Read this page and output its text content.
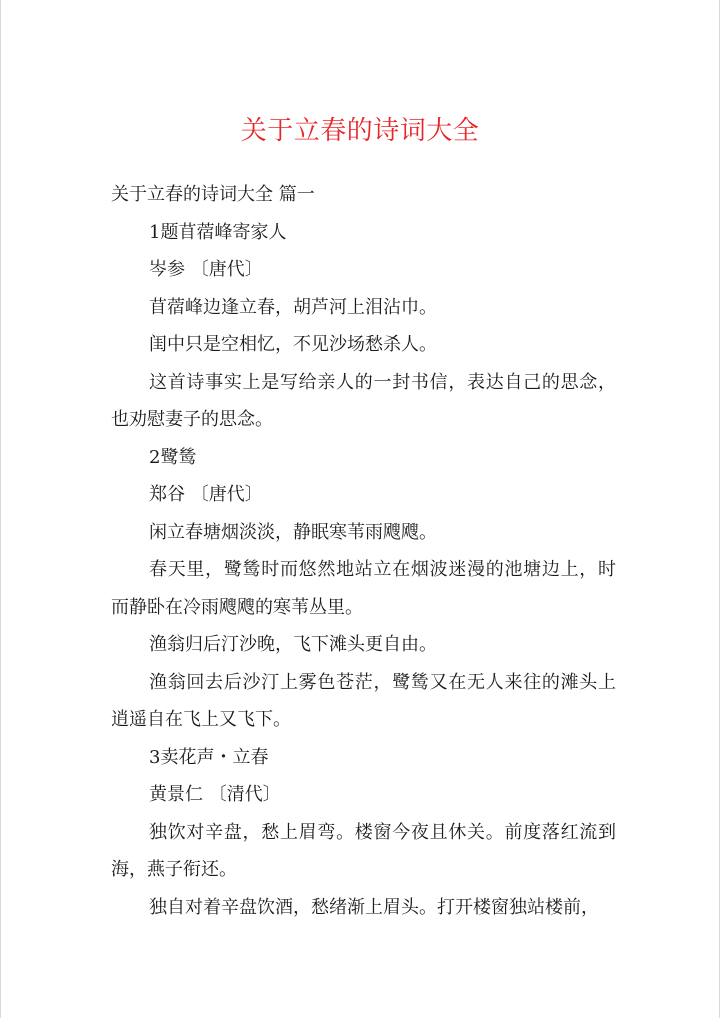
关于立春的诗词大全

关于立春的诗词大全 篇一

1题苜蓿峰寄家人

岑参 〔唐代〕

苜蓿峰边逢立春，胡芦河上泪沾巾。

闺中只是空相忆，不见沙场愁杀人。

这首诗事实上是写给亲人的一封书信，表达自己的思念，也劝慰妻子的思念。

2鹭鸶

郑谷 〔唐代〕

闲立春塘烟淡淡，静眠寒苇雨飕飕。

春天里，鹭鸶时而悠然地站立在烟波迷漫的池塘边上，时而静卧在冷雨飕飕的寒苇丛里。

渔翁归后汀沙晚，飞下滩头更自由。

渔翁回去后沙汀上雾色苍茫，鹭鸶又在无人来往的滩头上逍遥自在飞上又飞下。

3卖花声・立春

黄景仁 〔清代〕

独饮对辛盘，愁上眉弯。楼窗今夜且休关。前度落红流到海，燕子衔还。

独自对着辛盘饮酒，愁绪渐上眉头。打开楼窗独站楼前，
